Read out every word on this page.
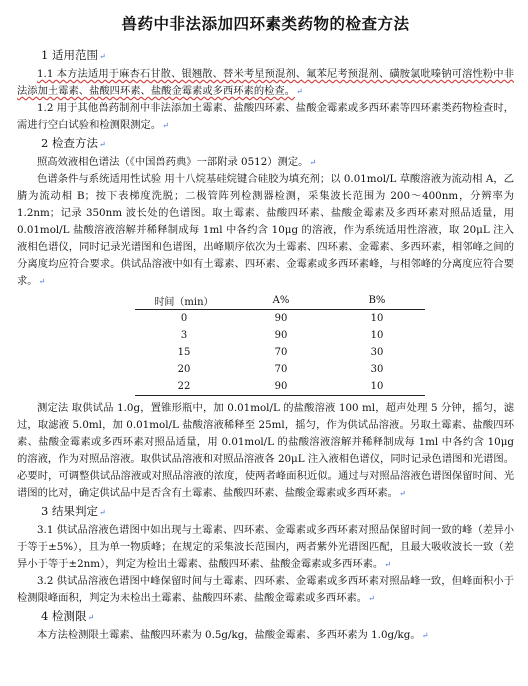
兽药中非法添加四环素类药物的检查方法

1 适用范围↵

1.1 本方法适用于麻杏石甘散、银翘散、替米考星预混剂、氟苯尼考预混剂、磺胺氯吡嗪钠可溶性粉中非法添加土霉素、盐酸四环素、盐酸金霉素或多西环素的检查。↵

1.2 用于其他兽药制剂中非法添加土霉素、盐酸四环素、盐酸金霉素或多西环素等四环素类药物检查时，需进行空白试验和检测限测定。↵

2 检查方法↵

照高效液相色谱法（《中国兽药典》一部附录 0512）测定。↵

色谱条件与系统适用性试验 用十八烷基硅烷键合硅胶为填充剂；以 0.01mol/L 草酸溶液为流动相 A，乙腈为流动相 B；按下表梯度洗脱；二极管阵列检测器检测，采集波长范围为 200～400nm，分辨率为 1.2nm；记录 350nm 波长处的色谱图。取土霉素、盐酸四环素、盐酸金霉素及多西环素对照品适量，用 0.01mol/L 盐酸溶液溶解并稀释制成每 1ml 中各约含 10μg 的溶液，作为系统适用性溶液，取 20μL 注入液相色谱仪，同时记录光谱图和色谱图，出峰顺序依次为土霉素、四环素、金霉素、多西环素，相邻峰之间的分离度均应符合要求。供试品溶液中如有土霉素、四环素、金霉素或多西环素峰，与相邻峰的分离度应符合要求。↵

时间（min）	A%	B%
0	90	10
3	90	10
15	70	30
20	70	30
22	90	10

测定法 取供试品 1.0g，置锥形瓶中，加 0.01mol/L 的盐酸溶液 100 ml，超声处理 5 分钟，摇匀，滤过，取滤液 5.0ml，加 0.01mol/L 盐酸溶液稀释至 25ml，摇匀，作为供试品溶液。另取土霉素、盐酸四环素、盐酸金霉素或多西环素对照品适量，用 0.01mol/L 的盐酸溶液溶解并稀释制成每 1ml 中各约含 10μg 的溶液，作为对照品溶液。取供试品溶液和对照品溶液各 20μL 注入液相色谱仪，同时记录色谱图和光谱图。必要时，可调整供试品溶液或对照品溶液的浓度，使两者峰面积近似。通过与对照品溶液色谱图保留时间、光谱图的比对，确定供试品中是否含有土霉素、盐酸四环素、盐酸金霉素或多西环素。↵

3 结果判定↵

3.1 供试品溶液色谱图中如出现与土霉素、四环素、金霉素或多西环素对照品保留时间一致的峰（差异小于等于±5%），且为单一物质峰；在规定的采集波长范围内，两者紫外光谱图匹配，且最大吸收波长一致（差异小于等于±2nm），判定为检出土霉素、盐酸四环素、盐酸金霉素或多西环素。↵

3.2 供试品溶液色谱图中峰保留时间与土霉素、四环素、金霉素或多西环素对照品峰一致，但峰面积小于检测限峰面积，判定为未检出土霉素、盐酸四环素、盐酸金霉素或多西环素。↵

4 检测限↵

本方法检测限土霉素、盐酸四环素为 0.5g/kg，盐酸金霉素、多西环素为 1.0g/kg。↵
